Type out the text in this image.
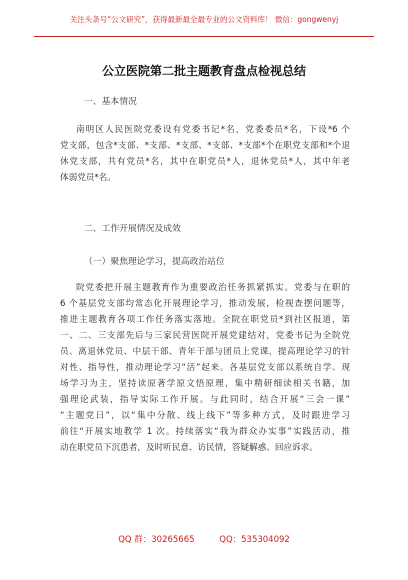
关注头条号“公文研究”，获得最新最全最专业的公文资料库！ 微信：gongwenyj
公立医院第二批主题教育盘点检视总结
一、基本情况
南明区人民医院党委设有党委书记*名，党委委员*名，下设*6 个
党支部，包含*支部、*支部、*支部、*支部、*支部*个在职党支部和*个退
休党支部，共有党员*名，其中在职党员*人，退休党员*人，其中年老
体弱党员*名。
二、工作开展情况及成效
（一）聚焦理论学习，提高政治站位
院党委把开展主题教育作为重要政治任务抓紧抓实。党委与在职的
6 个基层党支部均常态化开展理论学习，推动发展，检视查摆问题等，
推进主题教育各项工作任务落实落地。全院在职党员*到社区报道，第
一、二、三支部先后与三家民营医院开展党建结对，党委书记为全院党
员、离退休党员、中层干部、青年干部与团员上党课，提高理论学习的针
对性、指导性，推动理论学习“活”起来。各基层党支部以系统自学、现
场学习为主，坚持读原著学原文悟原理，集中精研细读相关书籍，加
强理论武装，指导实际工作开展。与此同时，结合开展“三会一课”
“主题党日”，以“集中分散、线上线下”等多种方式，及时跟进学习
前往“开展实地教学 1 次。持续落实“我为群众办实事”实践活动，推
动在职党员下沉患者，及时听民意、访民情，答疑解惑、回应诉求。
QQ 群：30265665	QQ：535304092
